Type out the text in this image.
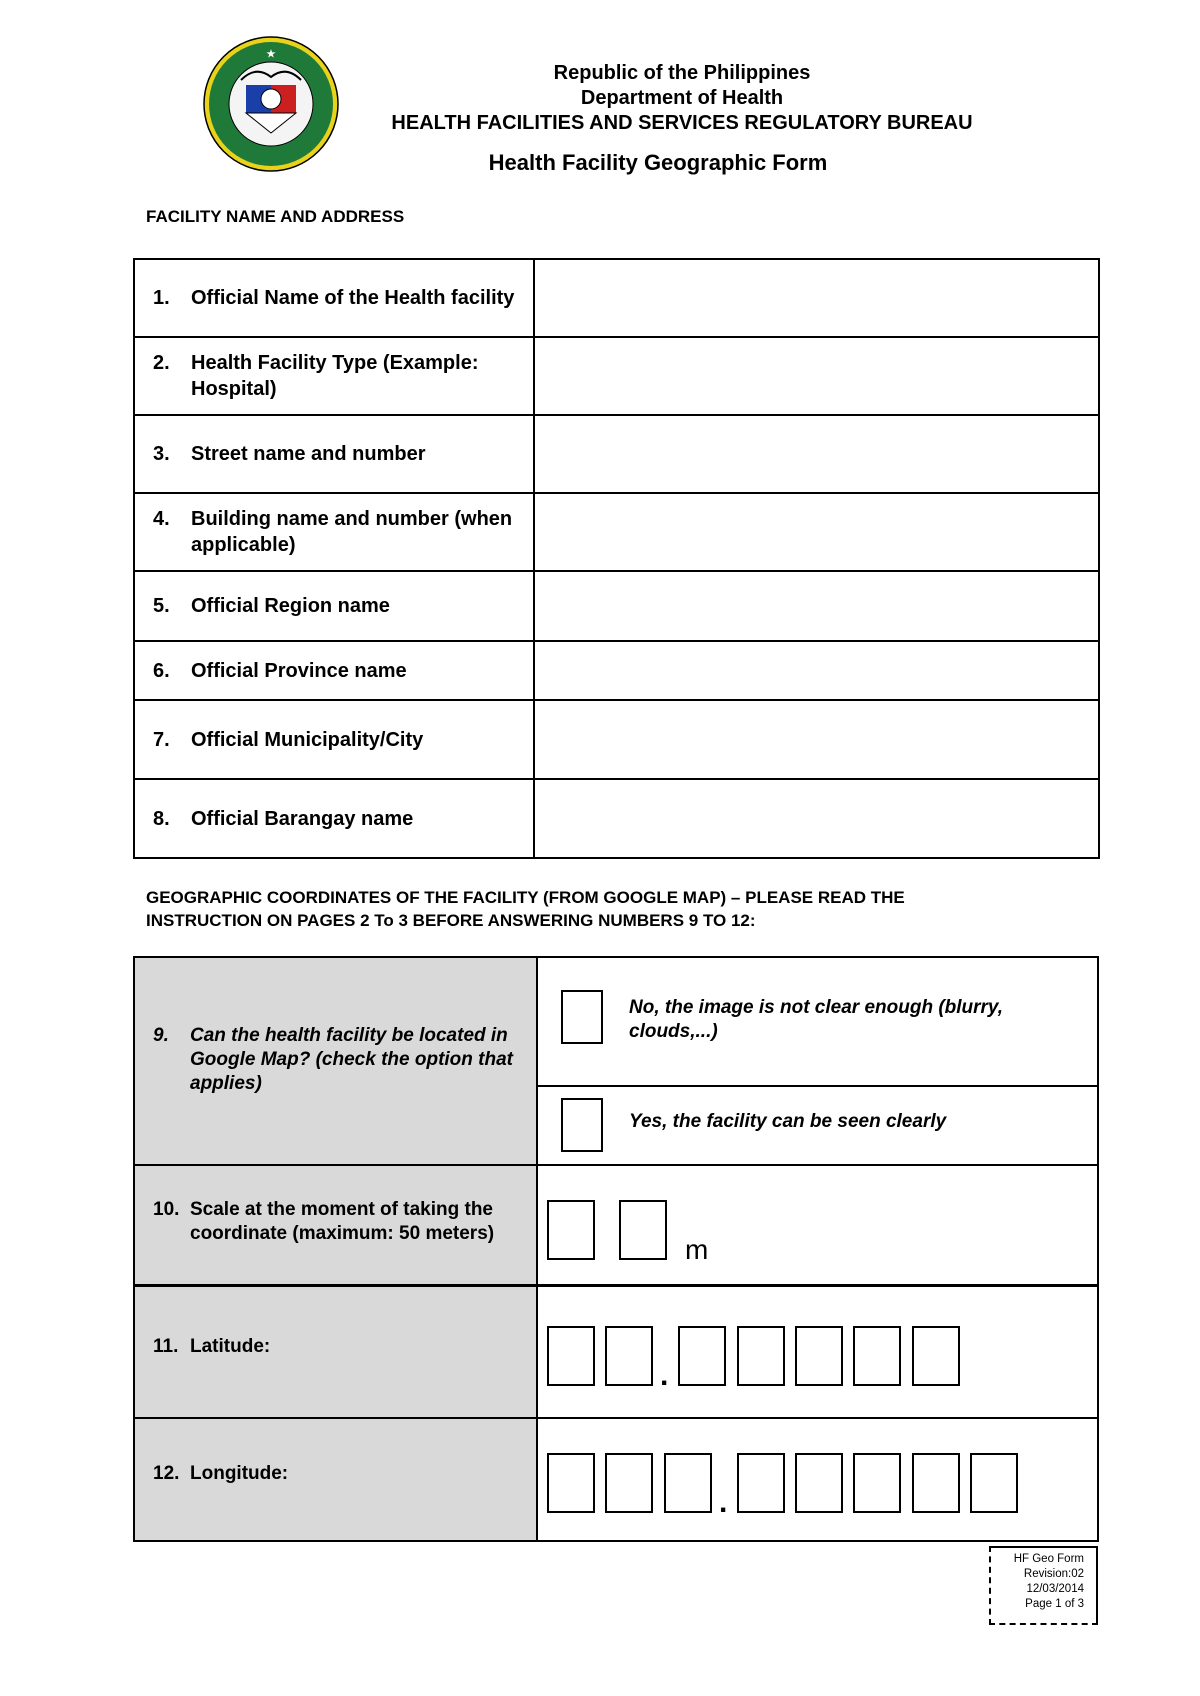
★
Republic of the Philippines
Department of Health
HEALTH FACILITIES AND SERVICES REGULATORY BUREAU
Health Facility Geographic Form
FACILITY NAME AND ADDRESS
1. Official Name of the Health facility	

2. Health Facility Type (Example: Hospital)	

3. Street name and number	

4. Building name and number (when applicable)	

5. Official Region name	

6. Official Province name	

7. Official Municipality/City	

8. Official Barangay name	

GEOGRAPHIC COORDINATES OF THE FACILITY (FROM GOOGLE MAP) – PLEASE READ THE
INSTRUCTION ON PAGES 2 To 3 BEFORE ANSWERING NUMBERS 9 TO 12:
9.	Can the health facility be located in Google Map? (check the option that applies)
No, the image is not clear enough (blurry, clouds,...)
Yes, the facility can be seen clearly
10. Scale at the moment of taking the coordinate (maximum: 50 meters)
m
11. Latitude:
.
12. Longitude:
.
HF Geo Form
Revision:02
12/03/2014
Page 1 of 3
